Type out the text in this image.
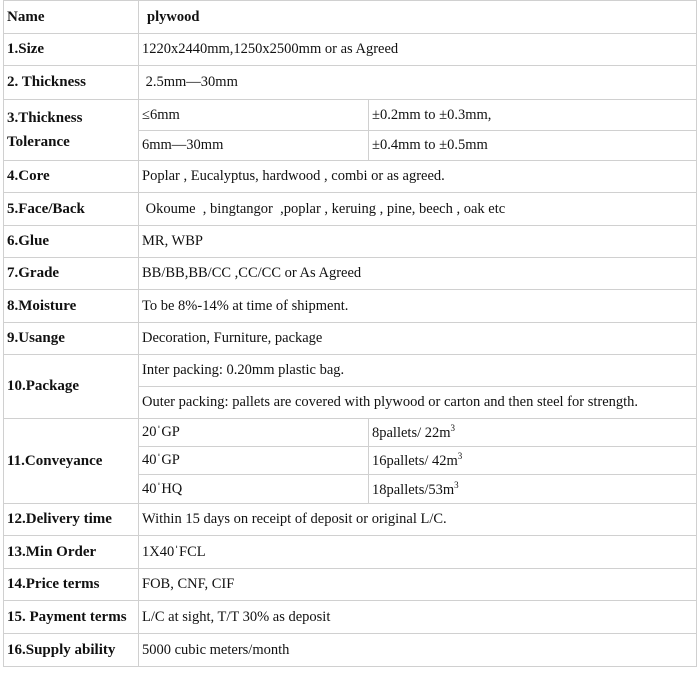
Name	plywood	
1.Size	1220x2440mm,1250x2500mm or as Agreed	
2. Thickness	2.5mm—30mm	
3.Thickness
Tolerance	≤6mm	±0.2mm to ±0.3mm,
	6mm—30mm	±0.4mm to ±0.5mm
4.Core	Poplar , Eucalyptus, hardwood , combi or as agreed.	
5.Face/Back	Okoume  , bingtangor  ,poplar , keruing , pine, beech , oak etc	
6.Glue	MR, WBP	
7.Grade	BB/BB,BB/CC ,CC/CC or As Agreed	
8.Moisture	To be 8%-14% at time of shipment.	
9.Usange	Decoration, Furniture, package	
10.Package	Inter packing: 0.20mm plastic bag.	
	Outer packing: pallets are covered with plywood or carton and then steel for strength.	
11.Conveyance	20ˈGP	8pallets/ $22m^3$
	40ˈGP	16pallets/ $42m^3$
	40ˈHQ	$18pallets/53m^3$
12.Delivery time	Within 15 days on receipt of deposit or original L/C.	
13.Min Order	1X40ˈFCL	
14.Price terms	FOB, CNF, CIF	
15. Payment terms	L/C at sight, T/T 30% as deposit	
16.Supply ability	5000 cubic meters/month	
